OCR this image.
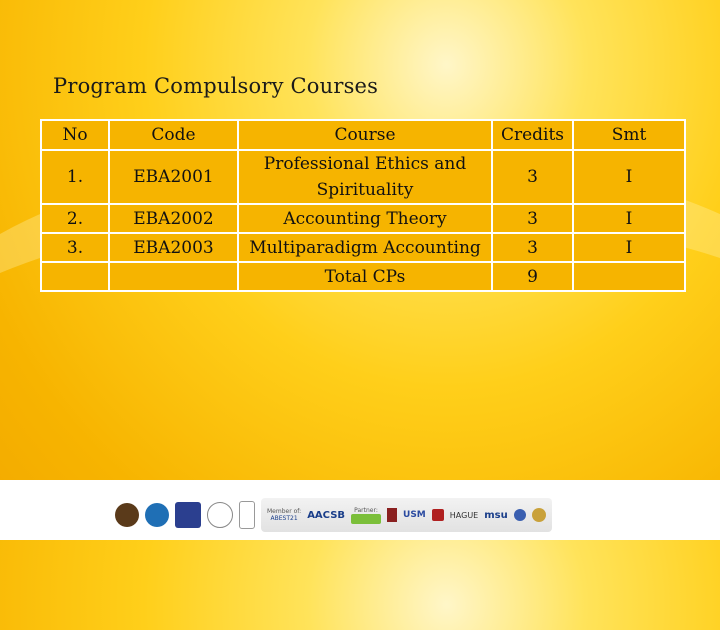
Program Compulsory Courses
No	Code	Course	Credits	Smt
1.	EBA2001	Professional Ethics and Spirituality	3	I
2.	EBA2002	Accounting Theory	3	I
3.	EBA2003	Multiparadigm Accounting	3	I
		Total CPs	9	
Member of:
ABEST21 AACSB Partner:	USM	HAGUE msu
